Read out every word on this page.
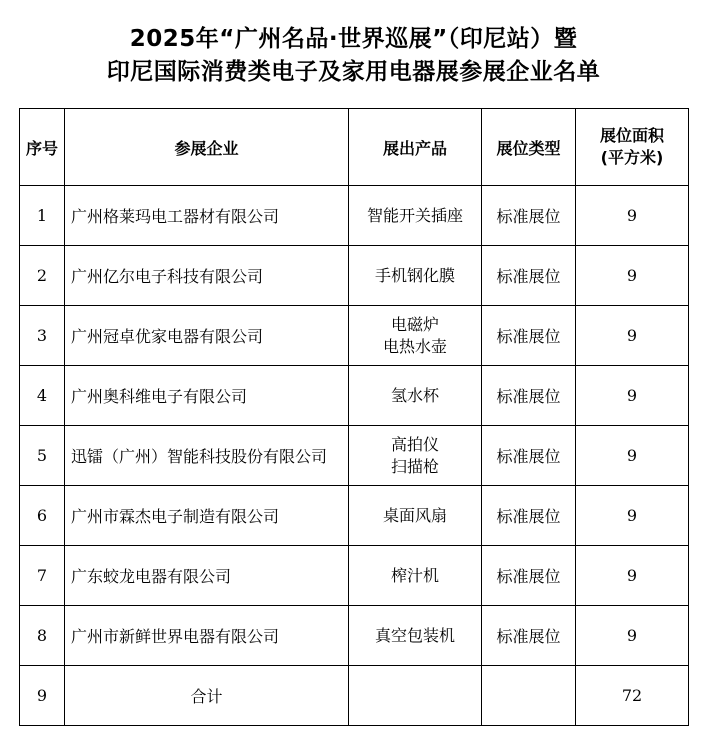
2025年“广州名品·世界巡展”（印尼站）暨
印尼国际消费类电子及家用电器展参展企业名单
序号	参展企业	展出产品	展位类型	展位面积
(平方米)

1	广州格莱玛电工器材有限公司	智能开关插座	标准展位	9
2	广州亿尔电子科技有限公司	手机钢化膜	标准展位	9
3	广州冠卓优家电器有限公司	电磁炉
电热水壶	标准展位	9
4	广州奥科维电子有限公司	氢水杯	标准展位	9
5	迅镭（广州）智能科技股份有限公司	高拍仪
扫描枪	标准展位	9
6	广州市霖杰电子制造有限公司	桌面风扇	标准展位	9
7	广东蛟龙电器有限公司	榨汁机	标准展位	9
8	广州市新鲜世界电器有限公司	真空包装机	标准展位	9
9	合计			72
